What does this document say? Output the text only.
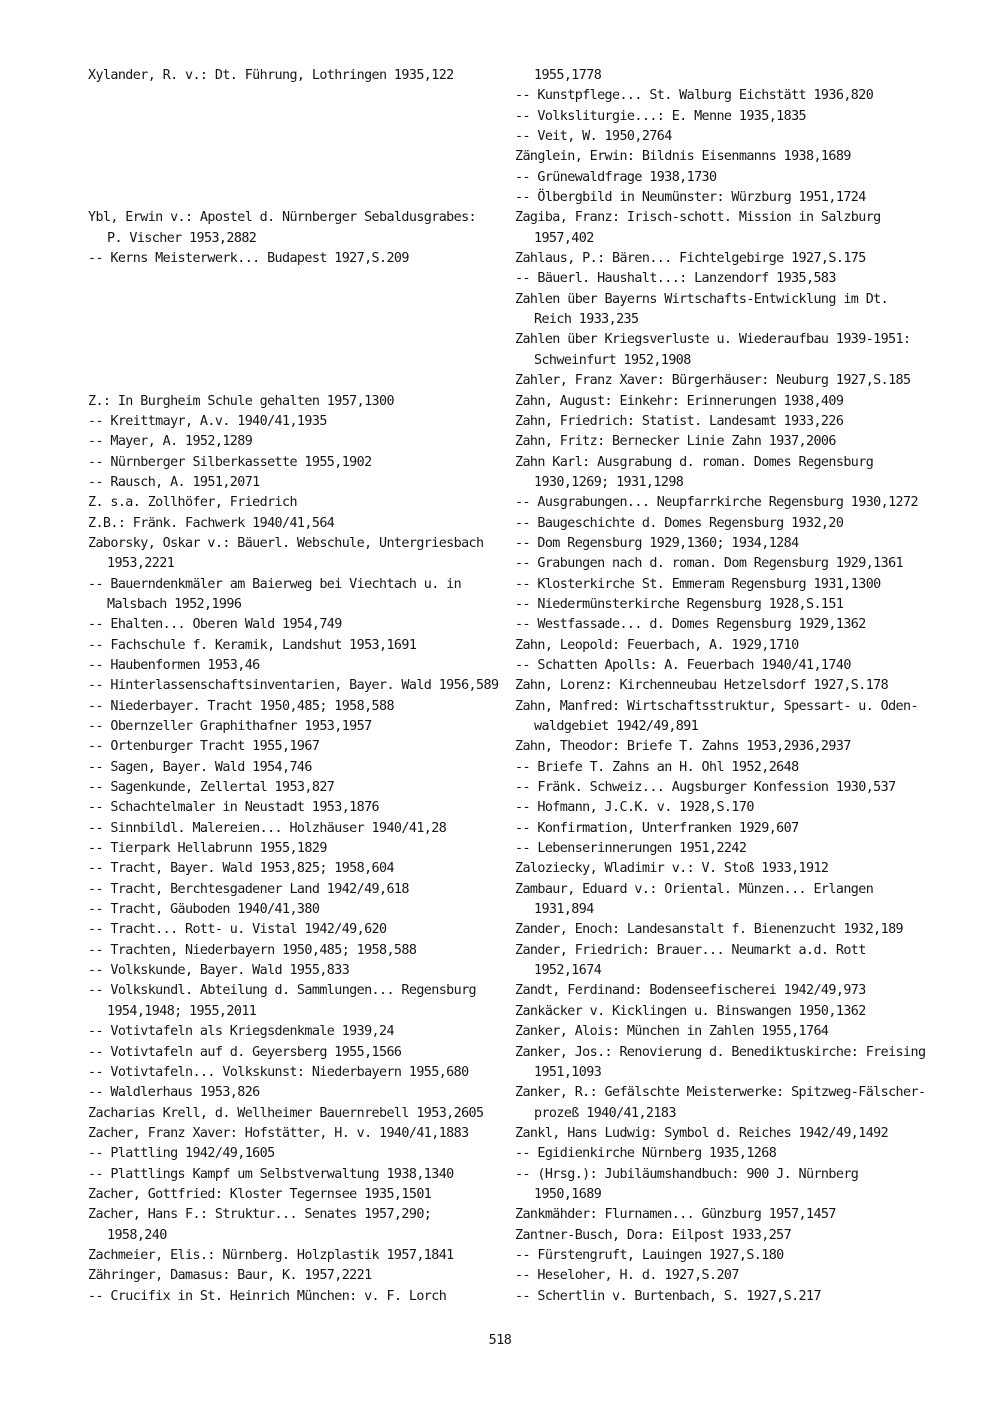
Xylander, R. v.: Dt. Führung, Lothringen 1935,122
Ybl, Erwin v.: Apostel d. Nürnberger Sebaldusgrabes:
P. Vischer 1953,2882
-- Kerns Meisterwerk... Budapest 1927,S.209
Z.: In Burgheim Schule gehalten 1957,1300
-- Kreittmayr, A.v. 1940/41,1935
-- Mayer, A. 1952,1289
-- Nürnberger Silberkassette 1955,1902
-- Rausch, A. 1951,2071
Z. s.a. Zollhöfer, Friedrich
Z.B.: Fränk. Fachwerk 1940/41,564
Zaborsky, Oskar v.: Bäuerl. Webschule, Untergriesbach
1953,2221
-- Bauerndenkmäler am Baierweg bei Viechtach u. in
Malsbach 1952,1996
-- Ehalten... Oberen Wald 1954,749
-- Fachschule f. Keramik, Landshut 1953,1691
-- Haubenformen 1953,46
-- Hinterlassenschaftsinventarien, Bayer. Wald 1956,589
-- Niederbayer. Tracht 1950,485; 1958,588
-- Obernzeller Graphithafner 1953,1957
-- Ortenburger Tracht 1955,1967
-- Sagen, Bayer. Wald 1954,746
-- Sagenkunde, Zellertal 1953,827
-- Schachtelmaler in Neustadt 1953,1876
-- Sinnbildl. Malereien... Holzhäuser 1940/41,28
-- Tierpark Hellabrunn 1955,1829
-- Tracht, Bayer. Wald 1953,825; 1958,604
-- Tracht, Berchtesgadener Land 1942/49,618
-- Tracht, Gäuboden 1940/41,380
-- Tracht... Rott- u. Vistal 1942/49,620
-- Trachten, Niederbayern 1950,485; 1958,588
-- Volkskunde, Bayer. Wald 1955,833
-- Volkskundl. Abteilung d. Sammlungen... Regensburg
1954,1948; 1955,2011
-- Votivtafeln als Kriegsdenkmale 1939,24
-- Votivtafeln auf d. Geyersberg 1955,1566
-- Votivtafeln... Volkskunst: Niederbayern 1955,680
-- Waldlerhaus 1953,826
Zacharias Krell, d. Wellheimer Bauernrebell 1953,2605
Zacher, Franz Xaver: Hofstätter, H. v. 1940/41,1883
-- Plattling 1942/49,1605
-- Plattlings Kampf um Selbstverwaltung 1938,1340
Zacher, Gottfried: Kloster Tegernsee 1935,1501
Zacher, Hans F.: Struktur... Senates 1957,290;
1958,240
Zachmeier, Elis.: Nürnberg. Holzplastik 1957,1841
Zähringer, Damasus: Baur, K. 1957,2221
-- Crucifix in St. Heinrich München: v. F. Lorch
1955,1778
-- Kunstpflege... St. Walburg Eichstätt 1936,820
-- Volksliturgie...: E. Menne 1935,1835
-- Veit, W. 1950,2764
Zänglein, Erwin: Bildnis Eisenmanns 1938,1689
-- Grünewaldfrage 1938,1730
-- Ölbergbild in Neumünster: Würzburg 1951,1724
Zagiba, Franz: Irisch-schott. Mission in Salzburg
1957,402
Zahlaus, P.: Bären... Fichtelgebirge 1927,S.175
-- Bäuerl. Haushalt...: Lanzendorf 1935,583
Zahlen über Bayerns Wirtschafts-Entwicklung im Dt.
Reich 1933,235
Zahlen über Kriegsverluste u. Wiederaufbau 1939-1951:
Schweinfurt 1952,1908
Zahler, Franz Xaver: Bürgerhäuser: Neuburg 1927,S.185
Zahn, August: Einkehr: Erinnerungen 1938,409
Zahn, Friedrich: Statist. Landesamt 1933,226
Zahn, Fritz: Bernecker Linie Zahn 1937,2006
Zahn Karl: Ausgrabung d. roman. Domes Regensburg
1930,1269; 1931,1298
-- Ausgrabungen... Neupfarrkirche Regensburg 1930,1272
-- Baugeschichte d. Domes Regensburg 1932,20
-- Dom Regensburg 1929,1360; 1934,1284
-- Grabungen nach d. roman. Dom Regensburg 1929,1361
-- Klosterkirche St. Emmeram Regensburg 1931,1300
-- Niedermünsterkirche Regensburg 1928,S.151
-- Westfassade... d. Domes Regensburg 1929,1362
Zahn, Leopold: Feuerbach, A. 1929,1710
-- Schatten Apolls: A. Feuerbach 1940/41,1740
Zahn, Lorenz: Kirchenneubau Hetzelsdorf 1927,S.178
Zahn, Manfred: Wirtschaftsstruktur, Spessart- u. Oden-
waldgebiet 1942/49,891
Zahn, Theodor: Briefe T. Zahns 1953,2936,2937
-- Briefe T. Zahns an H. Ohl 1952,2648
-- Fränk. Schweiz... Augsburger Konfession 1930,537
-- Hofmann, J.C.K. v. 1928,S.170
-- Konfirmation, Unterfranken 1929,607
-- Lebenserinnerungen 1951,2242
Zaloziecky, Wladimir v.: V. Stoß 1933,1912
Zambaur, Eduard v.: Oriental. Münzen... Erlangen
1931,894
Zander, Enoch: Landesanstalt f. Bienenzucht 1932,189
Zander, Friedrich: Brauer... Neumarkt a.d. Rott
1952,1674
Zandt, Ferdinand: Bodenseefischerei 1942/49,973
Zankäcker v. Kicklingen u. Binswangen 1950,1362
Zanker, Alois: München in Zahlen 1955,1764
Zanker, Jos.: Renovierung d. Benediktuskirche: Freising
1951,1093
Zanker, R.: Gefälschte Meisterwerke: Spitzweg-Fälscher-
prozeß 1940/41,2183
Zankl, Hans Ludwig: Symbol d. Reiches 1942/49,1492
-- Egidienkirche Nürnberg 1935,1268
-- (Hrsg.): Jubiläumshandbuch: 900 J. Nürnberg
1950,1689
Zankmähder: Flurnamen... Günzburg 1957,1457
Zantner-Busch, Dora: Eilpost 1933,257
-- Fürstengruft, Lauingen 1927,S.180
-- Heseloher, H. d. 1927,S.207
-- Schertlin v. Burtenbach, S. 1927,S.217
518
